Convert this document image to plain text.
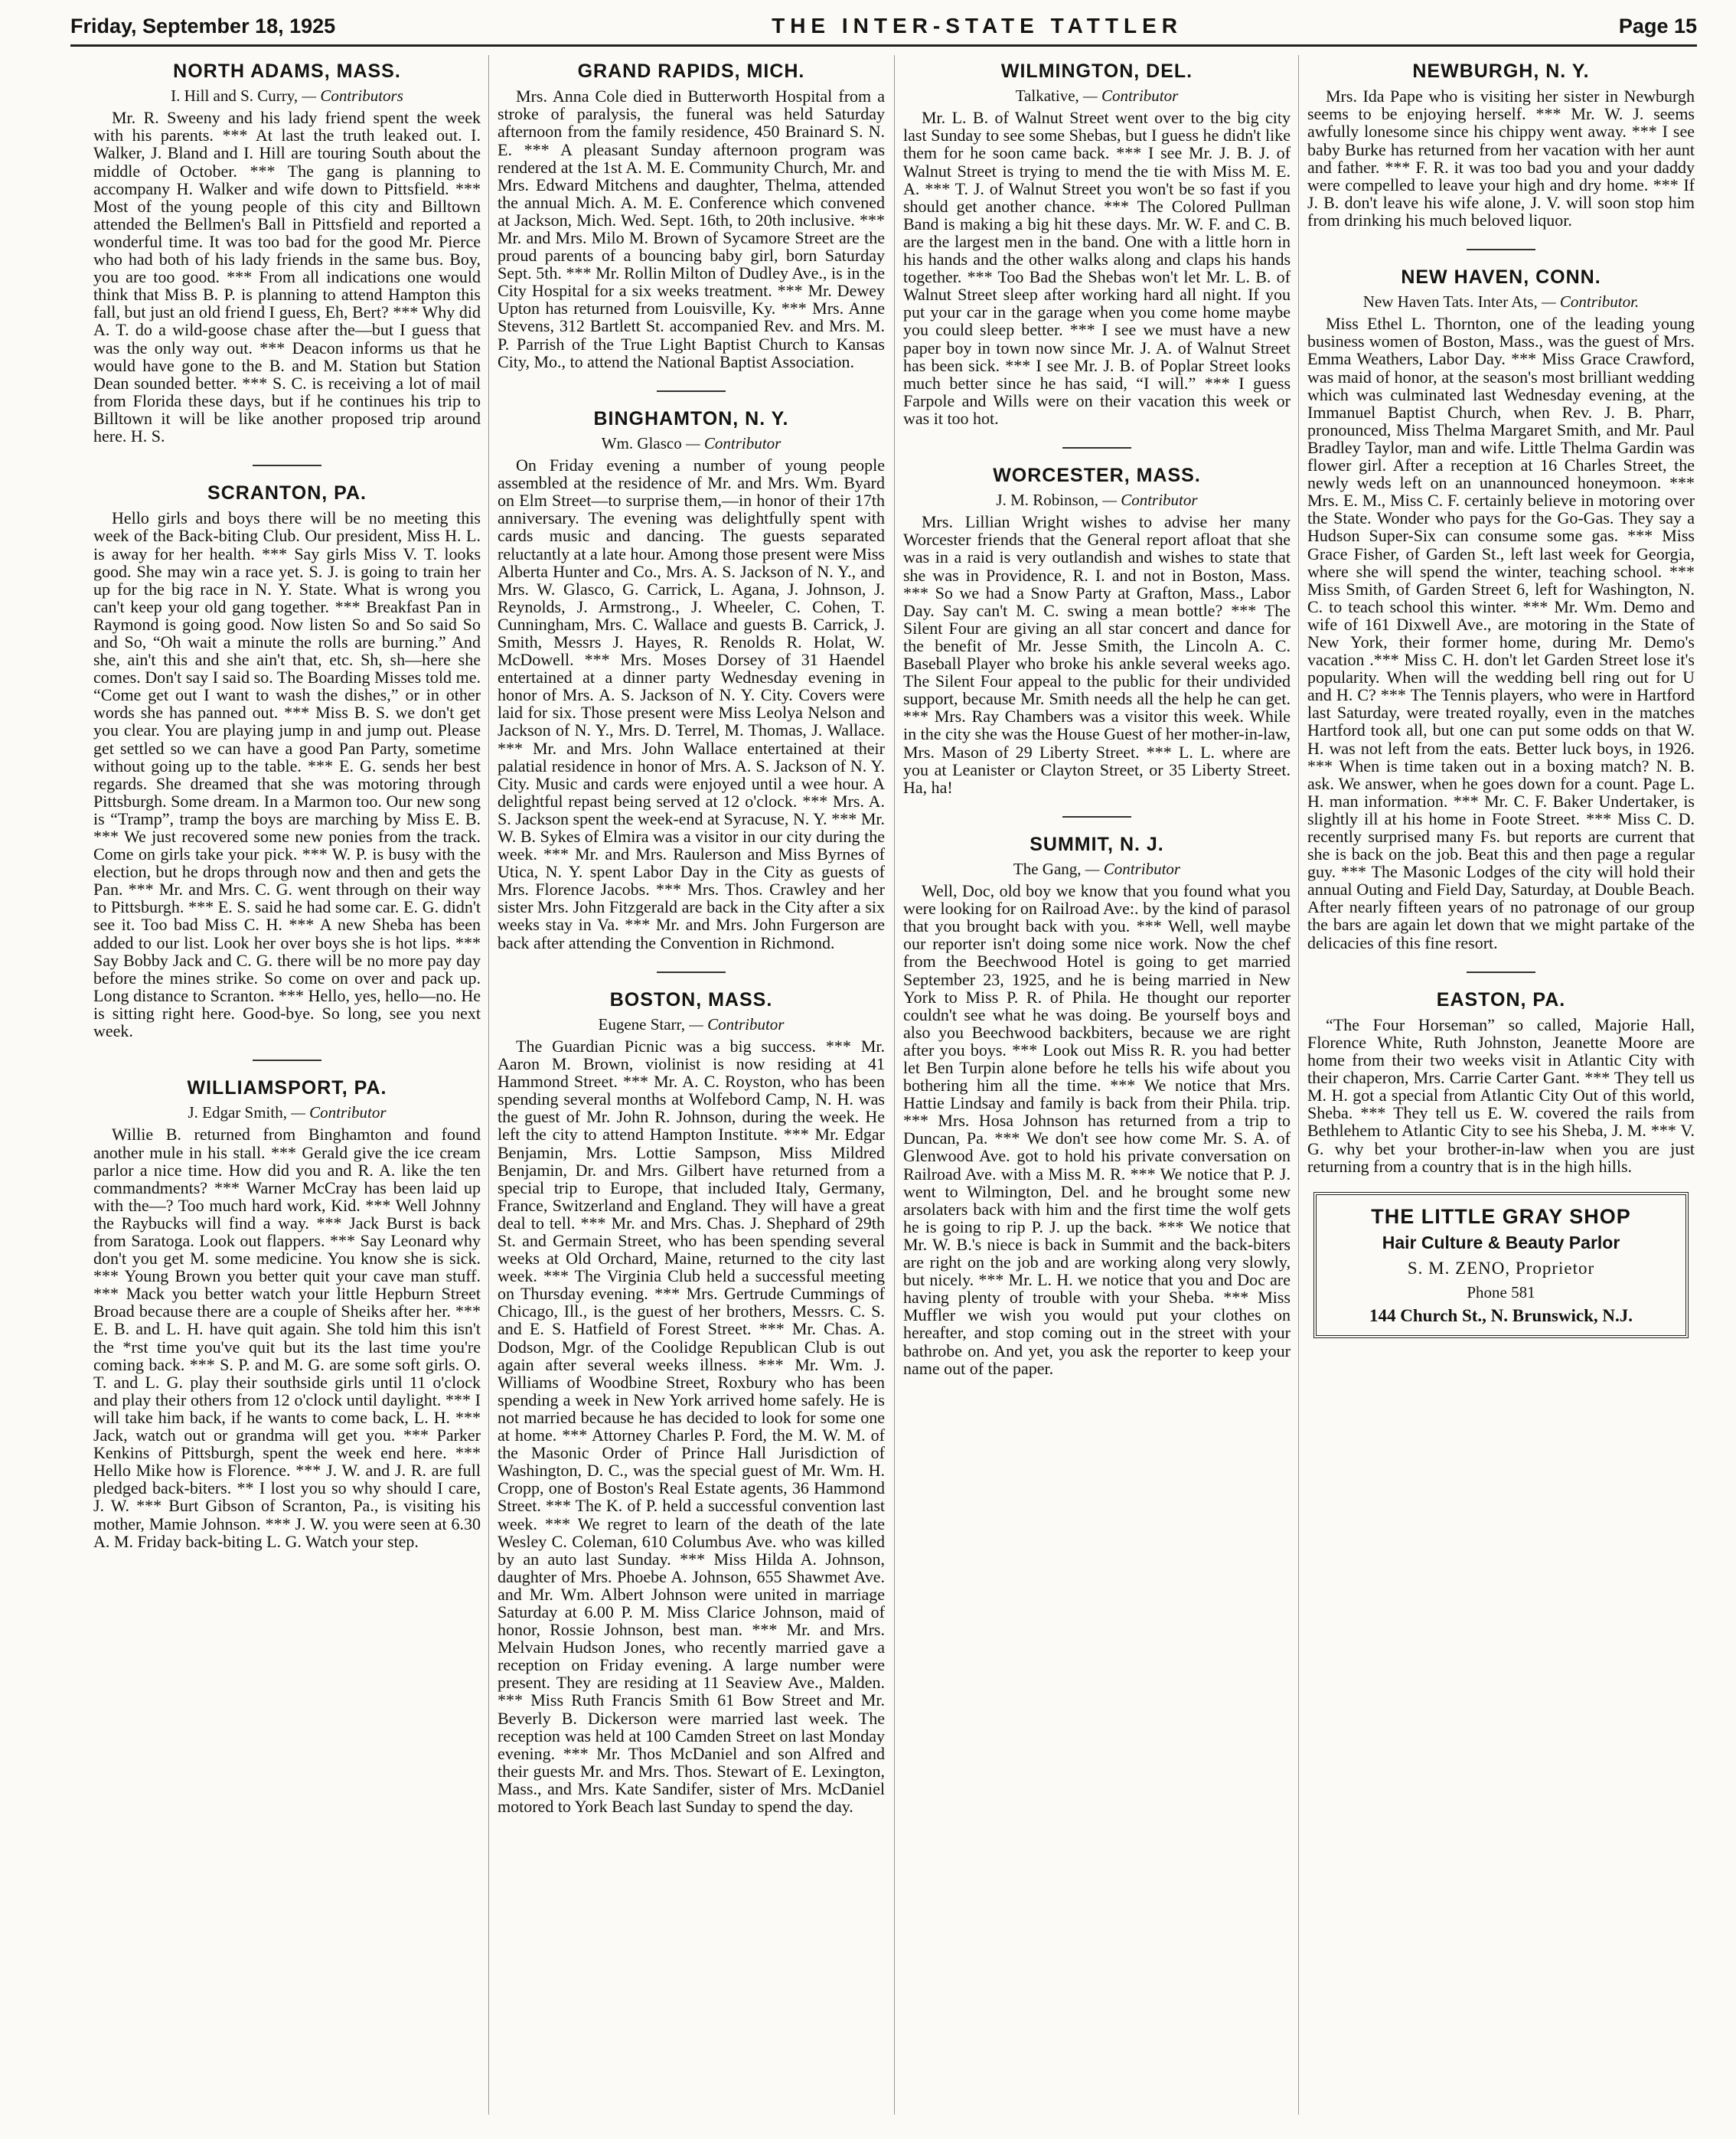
Friday, September 18, 1925	THE INTER-STATE TATTLER	Page 15
NORTH ADAMS, MASS.
I. Hill and S. Curry, — Contributors

Mr. R. Sweeny and his lady friend spent the week with his parents. *** At last the truth leaked out. I. Walker, J. Bland and I. Hill are touring South about the middle of October. *** The gang is planning to accompany H. Walker and wife down to Pittsfield. *** Most of the young people of this city and Billtown attended the Bellmen's Ball in Pittsfield and reported a wonderful time. It was too bad for the good Mr. Pierce who had both of his lady friends in the same bus. Boy, you are too good. *** From all indications one would think that Miss B. P. is planning to attend Hampton this fall, but just an old friend I guess, Eh, Bert? *** Why did A. T. do a wild-goose chase after the—but I guess that was the only way out. *** Deacon informs us that he would have gone to the B. and M. Station but Station Dean sounded better. *** S. C. is receiving a lot of mail from Florida these days, but if he continues his trip to Billtown it will be like another proposed trip around here. H. S.

SCRANTON, PA.

Hello girls and boys there will be no meeting this week of the Back-biting Club. Our president, Miss H. L. is away for her health. *** Say girls Miss V. T. looks good. She may win a race yet. S. J. is going to train her up for the big race in N. Y. State. What is wrong you can't keep your old gang together. *** Breakfast Pan in Raymond is going good. Now listen So and So said So and So, “Oh wait a minute the rolls are burning.” And she, ain't this and she ain't that, etc. Sh, sh—here she comes. Don't say I said so. The Boarding Misses told me. “Come get out I want to wash the dishes,” or in other words she has panned out. *** Miss B. S. we don't get you clear. You are playing jump in and jump out. Please get settled so we can have a good Pan Party, sometime without going up to the table. *** E. G. sends her best regards. She dreamed that she was motoring through Pittsburgh. Some dream. In a Marmon too. Our new song is “Tramp”, tramp the boys are marching by Miss E. B. *** We just recovered some new ponies from the track. Come on girls take your pick. *** W. P. is busy with the election, but he drops through now and then and gets the Pan. *** Mr. and Mrs. C. G. went through on their way to Pittsburgh. *** E. S. said he had some car. E. G. didn't see it. Too bad Miss C. H. *** A new Sheba has been added to our list. Look her over boys she is hot lips. *** Say Bobby Jack and C. G. there will be no more pay day before the mines strike. So come on over and pack up. Long distance to Scranton. *** Hello, yes, hello—no. He is sitting right here. Good-bye. So long, see you next week.

WILLIAMSPORT, PA.
J. Edgar Smith, — Contributor

Willie B. returned from Binghamton and found another mule in his stall. *** Gerald give the ice cream parlor a nice time. How did you and R. A. like the ten commandments? *** Warner McCray has been laid up with the—? Too much hard work, Kid. *** Well Johnny the Raybucks will find a way. *** Jack Burst is back from Saratoga. Look out flappers. *** Say Leonard why don't you get M. some medicine. You know she is sick. *** Young Brown you better quit your cave man stuff. *** Mack you better watch your little Hepburn Street Broad because there are a couple of Sheiks after her. *** E. B. and L. H. have quit again. She told him this isn't the *rst time you've quit but its the last time you're coming back. *** S. P. and M. G. are some soft girls. O. T. and L. G. play their southside girls until 11 o'clock and play their others from 12 o'clock until daylight. *** I will take him back, if he wants to come back, L. H. *** Jack, watch out or grandma will get you. *** Parker Kenkins of Pittsburgh, spent the week end here. *** Hello Mike how is Florence. *** J. W. and J. R. are full pledged back-biters. ** I lost you so why should I care, J. W. *** Burt Gibson of Scranton, Pa., is visiting his mother, Mamie Johnson. *** J. W. you were seen at 6.30 A. M. Friday back-biting L. G. Watch your step.

GRAND RAPIDS, MICH.

Mrs. Anna Cole died in Butterworth Hospital from a stroke of paralysis, the funeral was held Saturday afternoon from the family residence, 450 Brainard S. N. E. *** A pleasant Sunday afternoon program was rendered at the 1st A. M. E. Community Church, Mr. and Mrs. Edward Mitchens and daughter, Thelma, attended the annual Mich. A. M. E. Conference which convened at Jackson, Mich. Wed. Sept. 16th, to 20th inclusive. *** Mr. and Mrs. Milo M. Brown of Sycamore Street are the proud parents of a bouncing baby girl, born Saturday Sept. 5th. *** Mr. Rollin Milton of Dudley Ave., is in the City Hospital for a six weeks treatment. *** Mr. Dewey Upton has returned from Louisville, Ky. *** Mrs. Anne Stevens, 312 Bartlett St. accompanied Rev. and Mrs. M. P. Parrish of the True Light Baptist Church to Kansas City, Mo., to attend the National Baptist Association.

BINGHAMTON, N. Y.
Wm. Glasco — Contributor

On Friday evening a number of young people assembled at the residence of Mr. and Mrs. Wm. Byard on Elm Street—to surprise them,—in honor of their 17th anniversary. The evening was delightfully spent with cards music and dancing. The guests separated reluctantly at a late hour. Among those present were Miss Alberta Hunter and Co., Mrs. A. S. Jackson of N. Y., and Mrs. W. Glasco, G. Carrick, L. Agana, J. Johnson, J. Reynolds, J. Armstrong., J. Wheeler, C. Cohen, T. Cunningham, Mrs. C. Wallace and guests B. Carrick, J. Smith, Messrs J. Hayes, R. Renolds R. Holat, W. McDowell. *** Mrs. Moses Dorsey of 31 Haendel entertained at a dinner party Wednesday evening in honor of Mrs. A. S. Jackson of N. Y. City. Covers were laid for six. Those present were Miss Leolya Nelson and Jackson of N. Y., Mrs. D. Terrel, M. Thomas, J. Wallace. *** Mr. and Mrs. John Wallace entertained at their palatial residence in honor of Mrs. A. S. Jackson of N. Y. City. Music and cards were enjoyed until a wee hour. A delightful repast being served at 12 o'clock. *** Mrs. A. S. Jackson spent the week-end at Syracuse, N. Y. *** Mr. W. B. Sykes of Elmira was a visitor in our city during the week. *** Mr. and Mrs. Raulerson and Miss Byrnes of Utica, N. Y. spent Labor Day in the City as guests of Mrs. Florence Jacobs. *** Mrs. Thos. Crawley and her sister Mrs. John Fitzgerald are back in the City after a six weeks stay in Va. *** Mr. and Mrs. John Furgerson are back after attending the Convention in Richmond.

BOSTON, MASS.
Eugene Starr, — Contributor

The Guardian Picnic was a big success. *** Mr. Aaron M. Brown, violinist is now residing at 41 Hammond Street. *** Mr. A. C. Royston, who has been spending several months at Wolfebord Camp, N. H. was the guest of Mr. John R. Johnson, during the week. He left the city to attend Hampton Institute. *** Mr. Edgar Benjamin, Mrs. Lottie Sampson, Miss Mildred Benjamin, Dr. and Mrs. Gilbert have returned from a special trip to Europe, that included Italy, Germany, France, Switzerland and England. They will have a great deal to tell. *** Mr. and Mrs. Chas. J. Shephard of 29th St. and Germain Street, who has been spending several weeks at Old Orchard, Maine, returned to the city last week. *** The Virginia Club held a successful meeting on Thursday evening. *** Mrs. Gertrude Cummings of Chicago, Ill., is the guest of her brothers, Messrs. C. S. and E. S. Hatfield of Forest Street. *** Mr. Chas. A. Dodson, Mgr. of the Coolidge Republican Club is out again after several weeks illness. *** Mr. Wm. J. Williams of Woodbine Street, Roxbury who has been spending a week in New York arrived home safely. He is not married because he has decided to look for some one at home. *** Attorney Charles P. Ford, the M. W. M. of the Masonic Order of Prince Hall Jurisdiction of Washington, D. C., was the special guest of Mr. Wm. H. Cropp, one of Boston's Real Estate agents, 36 Hammond Street. *** The K. of P. held a successful convention last week. *** We regret to learn of the death of the late Wesley C. Coleman, 610 Columbus Ave. who was killed by an auto last Sunday. *** Miss Hilda A. Johnson, daughter of Mrs. Phoebe A. Johnson, 655 Shawmet Ave. and Mr. Wm. Albert Johnson were united in marriage Saturday at 6.00 P. M. Miss Clarice Johnson, maid of honor, Rossie Johnson, best man. *** Mr. and Mrs. Melvain Hudson Jones, who recently married gave a reception on Friday evening. A large number were present. They are residing at 11 Seaview Ave., Malden. *** Miss Ruth Francis Smith 61 Bow Street and Mr. Beverly B. Dickerson were married last week. The reception was held at 100 Camden Street on last Monday evening. *** Mr. Thos McDaniel and son Alfred and their guests Mr. and Mrs. Thos. Stewart of E. Lexington, Mass., and Mrs. Kate Sandifer, sister of Mrs. McDaniel motored to York Beach last Sunday to spend the day.

WILMINGTON, DEL.
Talkative, — Contributor

Mr. L. B. of Walnut Street went over to the big city last Sunday to see some Shebas, but I guess he didn't like them for he soon came back. *** I see Mr. J. B. J. of Walnut Street is trying to mend the tie with Miss M. E. A. *** T. J. of Walnut Street you won't be so fast if you should get another chance. *** The Colored Pullman Band is making a big hit these days. Mr. W. F. and C. B. are the largest men in the band. One with a little horn in his hands and the other walks along and claps his hands together. *** Too Bad the Shebas won't let Mr. L. B. of Walnut Street sleep after working hard all night. If you put your car in the garage when you come home maybe you could sleep better. *** I see we must have a new paper boy in town now since Mr. J. A. of Walnut Street has been sick. *** I see Mr. J. B. of Poplar Street looks much better since he has said, “I will.” *** I guess Farpole and Wills were on their vacation this week or was it too hot.

WORCESTER, MASS.
J. M. Robinson, — Contributor

Mrs. Lillian Wright wishes to advise her many Worcester friends that the General report afloat that she was in a raid is very outlandish and wishes to state that she was in Providence, R. I. and not in Boston, Mass. *** So we had a Snow Party at Grafton, Mass., Labor Day. Say can't M. C. swing a mean bottle? *** The Silent Four are giving an all star concert and dance for the benefit of Mr. Jesse Smith, the Lincoln A. C. Baseball Player who broke his ankle several weeks ago. The Silent Four appeal to the public for their undivided support, because Mr. Smith needs all the help he can get. *** Mrs. Ray Chambers was a visitor this week. While in the city she was the House Guest of her mother-in-law, Mrs. Mason of 29 Liberty Street. *** L. L. where are you at Leanister or Clayton Street, or 35 Liberty Street. Ha, ha!

SUMMIT, N. J.
The Gang, — Contributor

Well, Doc, old boy we know that you found what you were looking for on Railroad Ave:. by the kind of parasol that you brought back with you. *** Well, well maybe our reporter isn't doing some nice work. Now the chef from the Beechwood Hotel is going to get married September 23, 1925, and he is being married in New York to Miss P. R. of Phila. He thought our reporter couldn't see what he was doing. Be yourself boys and also you Beechwood backbiters, because we are right after you boys. *** Look out Miss R. R. you had better let Ben Turpin alone before he tells his wife about you bothering him all the time. *** We notice that Mrs. Hattie Lindsay and family is back from their Phila. trip. *** Mrs. Hosa Johnson has returned from a trip to Duncan, Pa. *** We don't see how come Mr. S. A. of Glenwood Ave. got to hold his private conversation on Railroad Ave. with a Miss M. R. *** We notice that P. J. went to Wilmington, Del. and he brought some new arsolaters back with him and the first time the wolf gets he is going to rip P. J. up the back. *** We notice that Mr. W. B.'s niece is back in Summit and the back-biters are right on the job and are working along very slowly, but nicely. *** Mr. L. H. we notice that you and Doc are having plenty of trouble with your Sheba. *** Miss Muffler we wish you would put your clothes on hereafter, and stop coming out in the street with your bathrobe on. And yet, you ask the reporter to keep your name out of the paper.

NEWBURGH, N. Y.

Mrs. Ida Pape who is visiting her sister in Newburgh seems to be enjoying herself. *** Mr. W. J. seems awfully lonesome since his chippy went away. *** I see baby Burke has returned from her vacation with her aunt and father. *** F. R. it was too bad you and your daddy were compelled to leave your high and dry home. *** If J. B. don't leave his wife alone, J. V. will soon stop him from drinking his much beloved liquor.

NEW HAVEN, CONN.
New Haven Tats. Inter Ats, — Contributor.

Miss Ethel L. Thornton, one of the leading young business women of Boston, Mass., was the guest of Mrs. Emma Weathers, Labor Day. *** Miss Grace Crawford, was maid of honor, at the season's most brilliant wedding which was culminated last Wednesday evening, at the Immanuel Baptist Church, when Rev. J. B. Pharr, pronounced, Miss Thelma Margaret Smith, and Mr. Paul Bradley Taylor, man and wife. Little Thelma Gardin was flower girl. After a reception at 16 Charles Street, the newly weds left on an unannounced honeymoon. *** Mrs. E. M., Miss C. F. certainly believe in motoring over the State. Wonder who pays for the Go-Gas. They say a Hudson Super-Six can consume some gas. *** Miss Grace Fisher, of Garden St., left last week for Georgia, where she will spend the winter, teaching school. *** Miss Smith, of Garden Street 6, left for Washington, N. C. to teach school this winter. *** Mr. Wm. Demo and wife of 161 Dixwell Ave., are motoring in the State of New York, their former home, during Mr. Demo's vacation .*** Miss C. H. don't let Garden Street lose it's popularity. When will the wedding bell ring out for U and H. C? *** The Tennis players, who were in Hartford last Saturday, were treated royally, even in the matches Hartford took all, but one can put some odds on that W. H. was not left from the eats. Better luck boys, in 1926. *** When is time taken out in a boxing match? N. B. ask. We answer, when he goes down for a count. Page L. H. man information. *** Mr. C. F. Baker Undertaker, is slightly ill at his home in Foote Street. *** Miss C. D. recently surprised many Fs. but reports are current that she is back on the job. Beat this and then page a regular guy. *** The Masonic Lodges of the city will hold their annual Outing and Field Day, Saturday, at Double Beach. After nearly fifteen years of no patronage of our group the bars are again let down that we might partake of the delicacies of this fine resort.

EASTON, PA.

“The Four Horseman” so called, Majorie Hall, Florence White, Ruth Johnston, Jeanette Moore are home from their two weeks visit in Atlantic City with their chaperon, Mrs. Carrie Carter Gant. *** They tell us M. H. got a special from Atlantic City Out of this world, Sheba. *** They tell us E. W. covered the rails from Bethlehem to Atlantic City to see his Sheba, J. M. *** V. G. why bet your brother-in-law when you are just returning from a country that is in the high hills.

THE LITTLE GRAY SHOP
Hair Culture & Beauty Parlor
S. M. ZENO, Proprietor
Phone 581
144 Church St., N. Brunswick, N.J.
